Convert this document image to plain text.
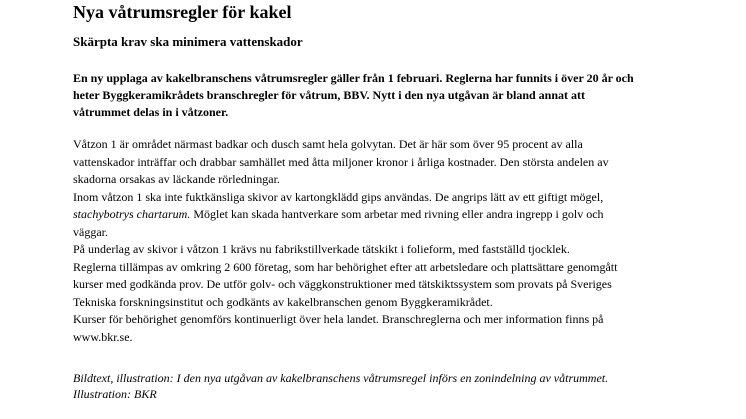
Nya våtrumsregler för kakel
Skärpta krav ska minimera vattenskador

En ny upplaga av kakelbranschens våtrumsregler gäller från 1 februari. Reglerna har funnits i över 20 år och
heter Byggkeramikrådets branschregler för våtrum, BBV. Nytt i den nya utgåvan är bland annat att
våtrummet delas in i våtzoner.

Våtzon 1 är området närmast badkar och dusch samt hela golvytan. Det är här som över 95 procent av alla
vattenskador inträffar och drabbar samhället med åtta miljoner kronor i årliga kostnader. Den största andelen av
skadorna orsakas av läckande rörledningar.
Inom våtzon 1 ska inte fuktkänsliga skivor av kartongklädd gips användas. De angrips lätt av ett giftigt mögel,
stachybotrys chartarum. Möglet kan skada hantverkare som arbetar med rivning eller andra ingrepp i golv och
väggar.
På underlag av skivor i våtzon 1 krävs nu fabrikstillverkade tätskikt i folieform, med fastställd tjocklek.
Reglerna tillämpas av omkring 2 600 företag, som har behörighet efter att arbetsledare och plattsättare genomgått
kurser med godkända prov. De utför golv- och väggkonstruktioner med tätskiktssystem som provats på Sveriges
Tekniska forskningsinstitut och godkänts av kakelbranschen genom Byggkeramikrådet.
Kurser för behörighet genomförs kontinuerligt över hela landet. Branschreglerna och mer information finns på
www.bkr.se.

Bildtext, illustration: I den nya utgåvan av kakelbranschens våtrumsregel införs en zonindelning av våtrummet.
Illustration: BKR
